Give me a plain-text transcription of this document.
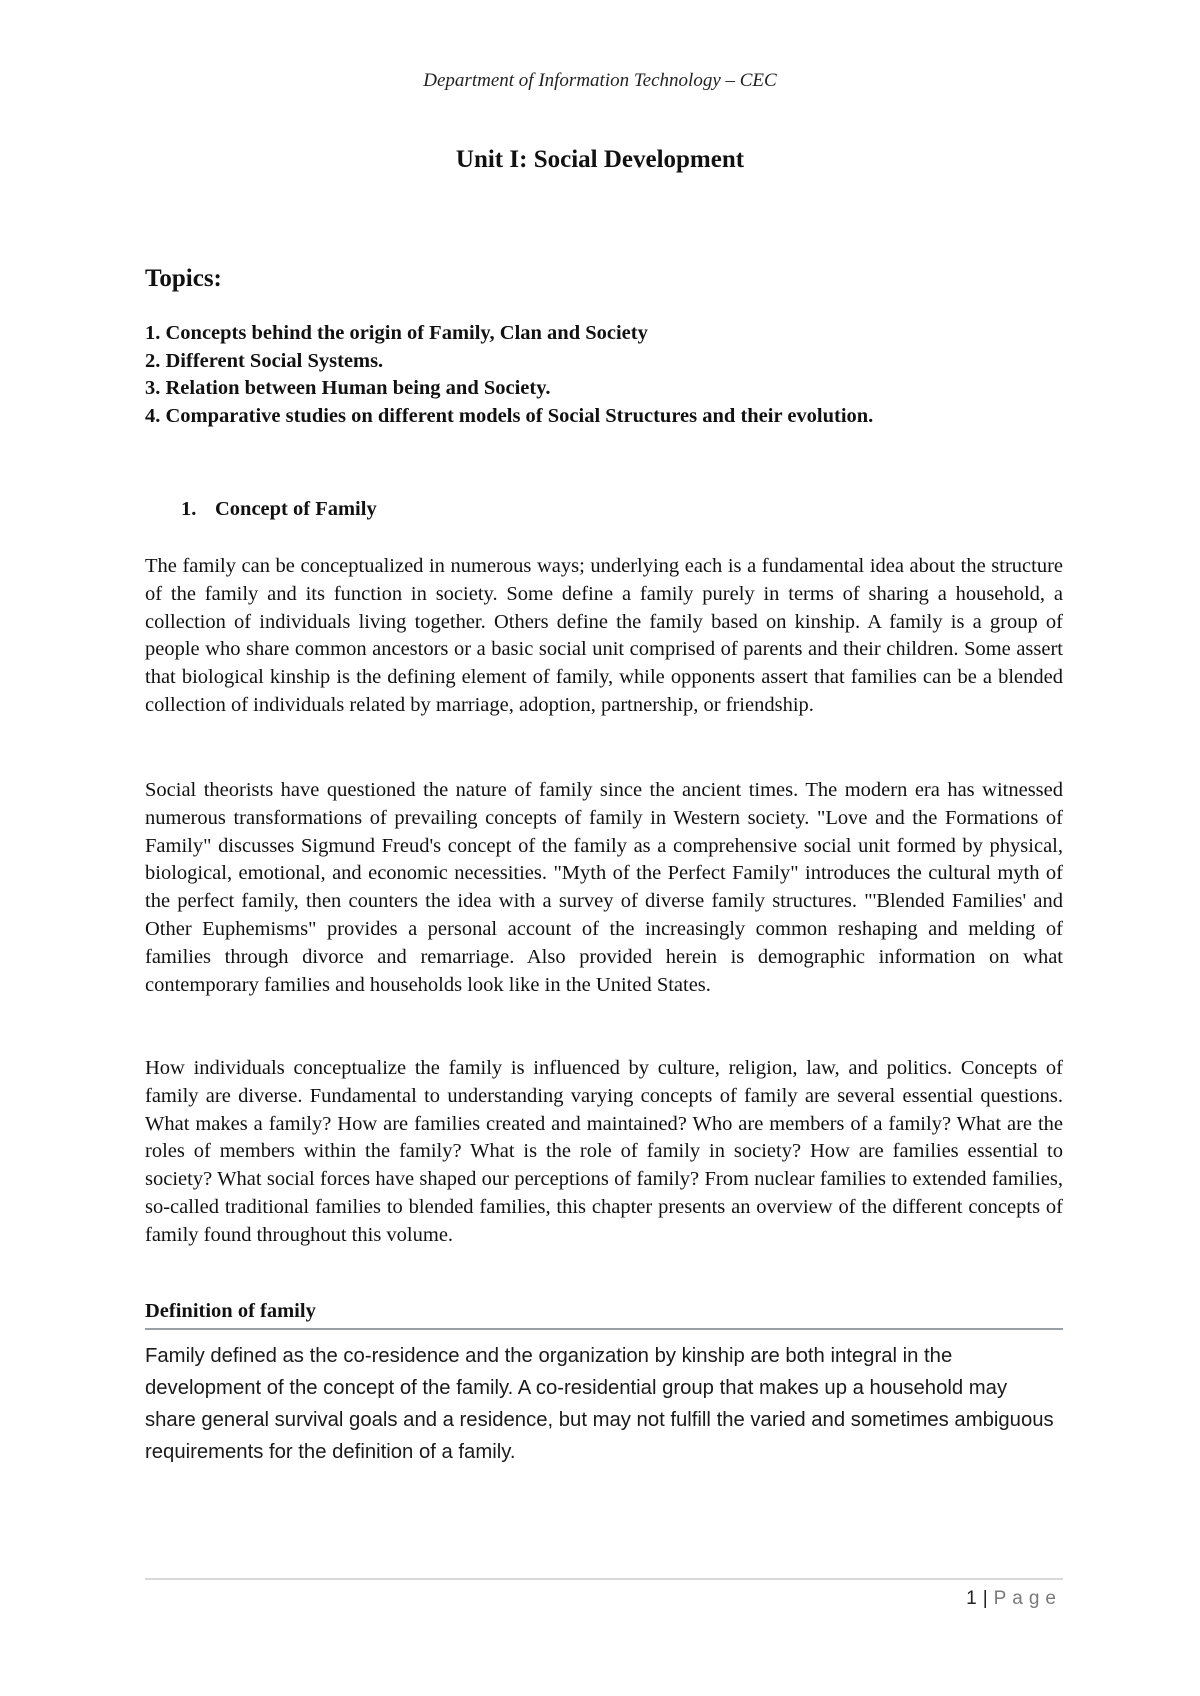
Department of Information Technology – CEC
Unit I: Social Development
Topics:
1. Concepts behind the origin of Family, Clan and Society
2. Different Social Systems.
3. Relation between Human being and Society.
4. Comparative studies on different models of Social Structures and their evolution.
1. Concept of Family

The family can be conceptualized in numerous ways; underlying each is a fundamental idea about the structure of the family and its function in society. Some define a family purely in terms of sharing a household, a collection of individuals living together. Others define the family based on kinship. A family is a group of people who share common ancestors or a basic social unit comprised of parents and their children. Some assert that biological kinship is the defining element of family, while opponents assert that families can be a blended collection of individuals related by marriage, adoption, partnership, or friendship.

Social theorists have questioned the nature of family since the ancient times. The modern era has witnessed numerous transformations of prevailing concepts of family in Western society. "Love and the Formations of Family" discusses Sigmund Freud's concept of the family as a comprehensive social unit formed by physical, biological, emotional, and economic necessities. "Myth of the Perfect Family" introduces the cultural myth of the perfect family, then counters the idea with a survey of diverse family structures. "'Blended Families' and Other Euphemisms" provides a personal account of the increasingly common reshaping and melding of families through divorce and remarriage. Also provided herein is demographic information on what contemporary families and households look like in the United States.

How individuals conceptualize the family is influenced by culture, religion, law, and politics. Concepts of family are diverse. Fundamental to understanding varying concepts of family are several essential questions. What makes a family? How are families created and maintained? Who are members of a family? What are the roles of members within the family? What is the role of family in society? How are families essential to society? What social forces have shaped our perceptions of family? From nuclear families to extended families, so-called traditional families to blended families, this chapter presents an overview of the different concepts of family found throughout this volume.

Definition of family

Family defined as the co-residence and the organization by kinship are both integral in the development of the concept of the family. A co-residential group that makes up a household may share general survival goals and a residence, but may not fulfill the varied and sometimes ambiguous requirements for the definition of a family.

1 | Page
